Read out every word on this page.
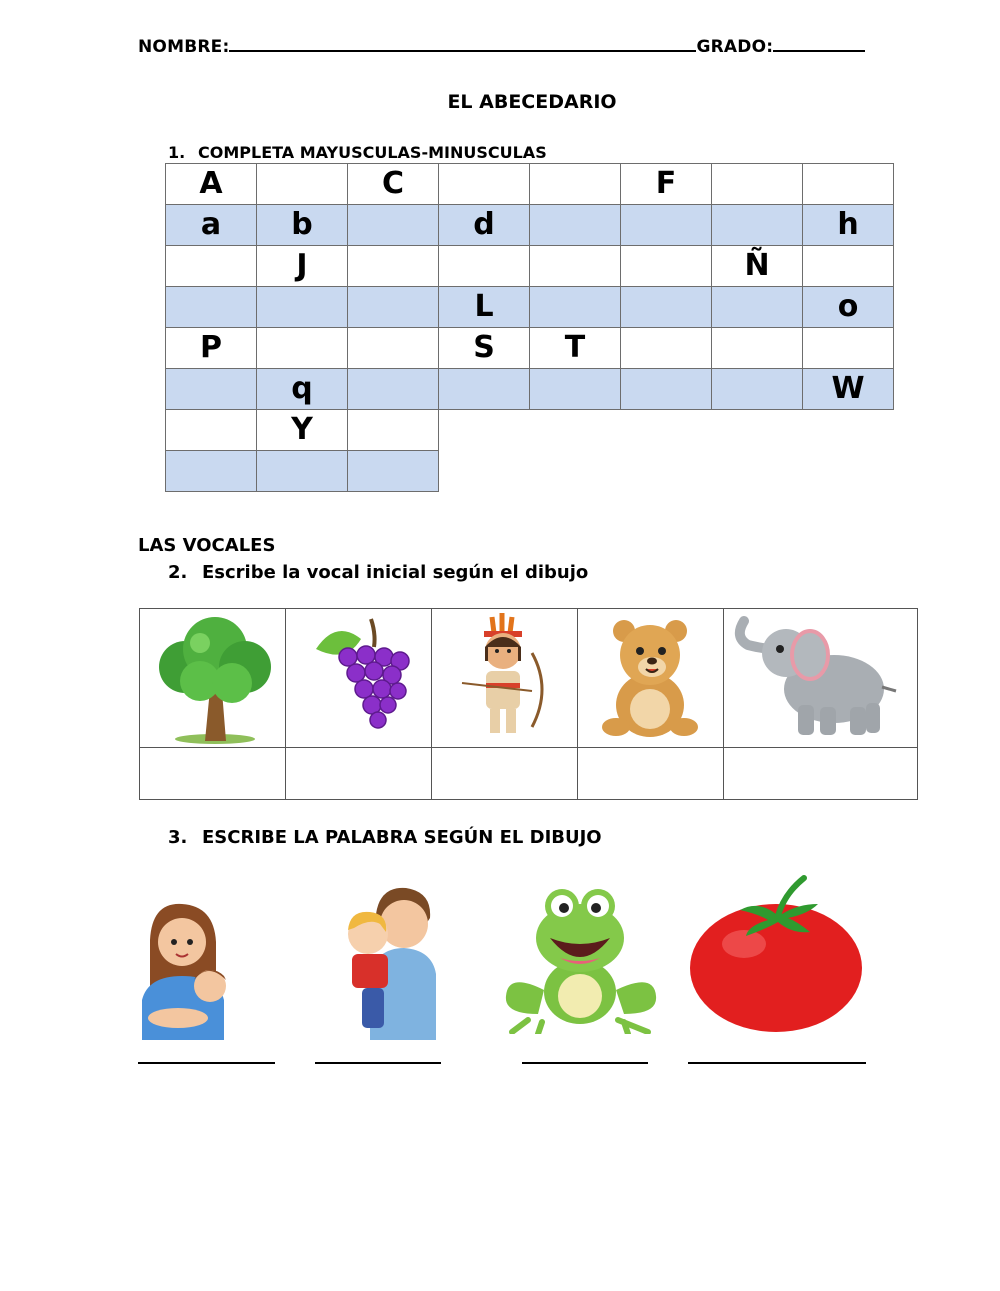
NOMBRE:	GRADO:
EL ABECEDARIO
1. COMPLETA MAYUSCULAS-MINUSCULAS
A		C			F		
a	b		d				h
	J					Ñ	
			L				o
P			S	T			
	q						W
	Y						

LAS VOCALES
2. Escribe la vocal inicial según el dibujo

3. ESCRIBE LA PALABRA SEGÚN EL DIBUJO
